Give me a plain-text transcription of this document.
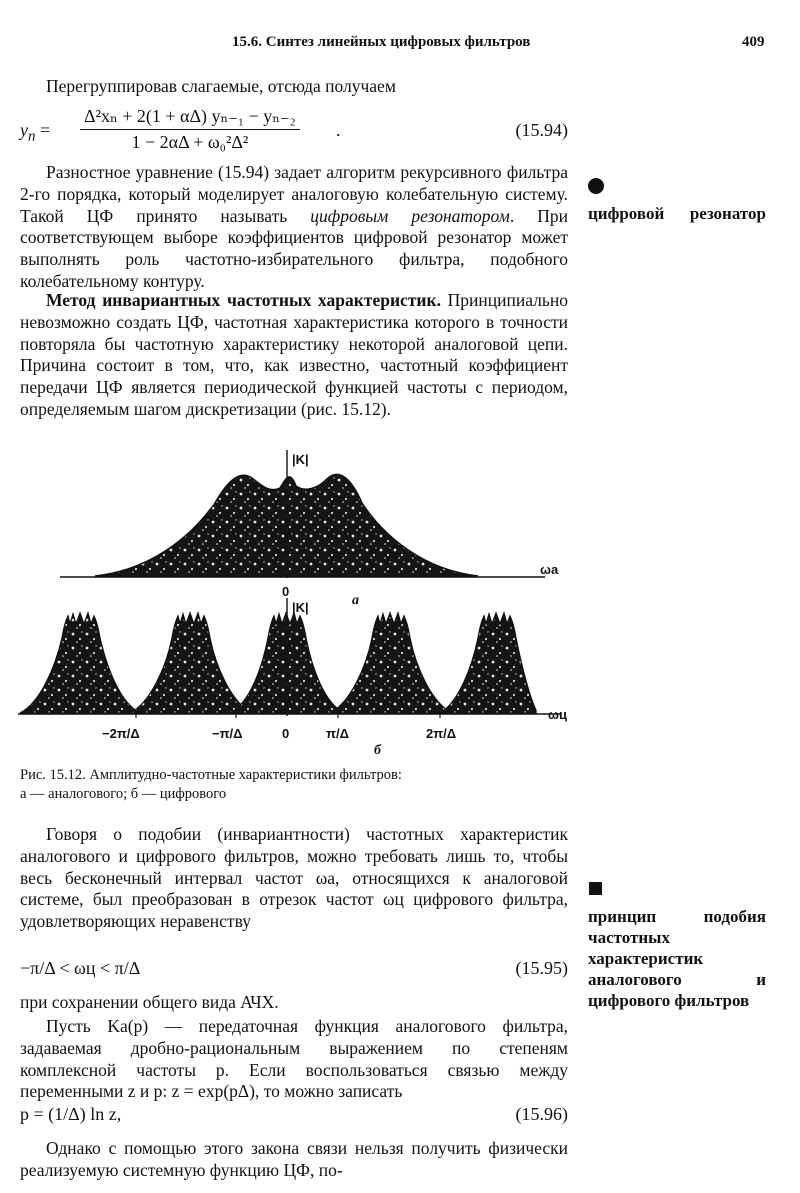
15.6. Синтез линейных цифровых фильтров	409

Перегруппировав слагаемые, отсюда получаем

$y_n = \frac{\text{Δ²xₙ + 2(1 + αΔ) yₙ₋₁ − yₙ₋₂}}{\text{1 − 2αΔ + ω₀²Δ²}}$ .	(15.94)

Разностное уравнение (15.94) задает алгоритм рекурсивного фильтра 2-го порядка, который моделирует аналоговую колебательную систему. Такой ЦФ принято называть цифровым резонатором. При соответствующем выборе коэффициентов цифровой резонатор может выполнять роль частотно-избирательного фильтра, подобного колебательному контуру.

цифровой резонатор

Метод инвариантных частотных характеристик. Принципиально невозможно создать ЦФ, частотная характеристика которого в точности повторяла бы частотную характеристику некоторой аналоговой цепи. Причина состоит в том, что, как известно, частотный коэффициент передачи ЦФ является периодической функцией частоты с периодом, определяемым шагом дискретизации (рис. 15.12).

|K|
ωa
0
а
|K|
ωц
−2π/Δ	−π/Δ	0	π/Δ	2π/Δ
б
Рис. 15.12. Амплитудно-частотные характеристики фильтров:
а — аналогового; б — цифрового

Говоря о подобии (инвариантности) частотных характеристик аналогового и цифрового фильтров, можно требовать лишь то, чтобы весь бесконечный интервал частот ωа, относящихся к аналоговой системе, был преобразован в отрезок частот ωц цифрового фильтра, удовлетворяющих неравенству	принцип подобия частотных характеристик аналогового и цифрового фильтров
−π/Δ < ωц < π/Δ	(15.95)

при сохранении общего вида АЧХ.

Пусть Kа(p) — передаточная функция аналогового фильтра, задаваемая дробно-рациональным выражением по степеням комплексной частоты p. Если воспользоваться связью между переменными z и p: z = exp(pΔ), то можно записать

p = (1/Δ) ln z,	(15.96)

Однако с помощью этого закона связи нельзя получить физически реализуемую системную функцию ЦФ, по-
